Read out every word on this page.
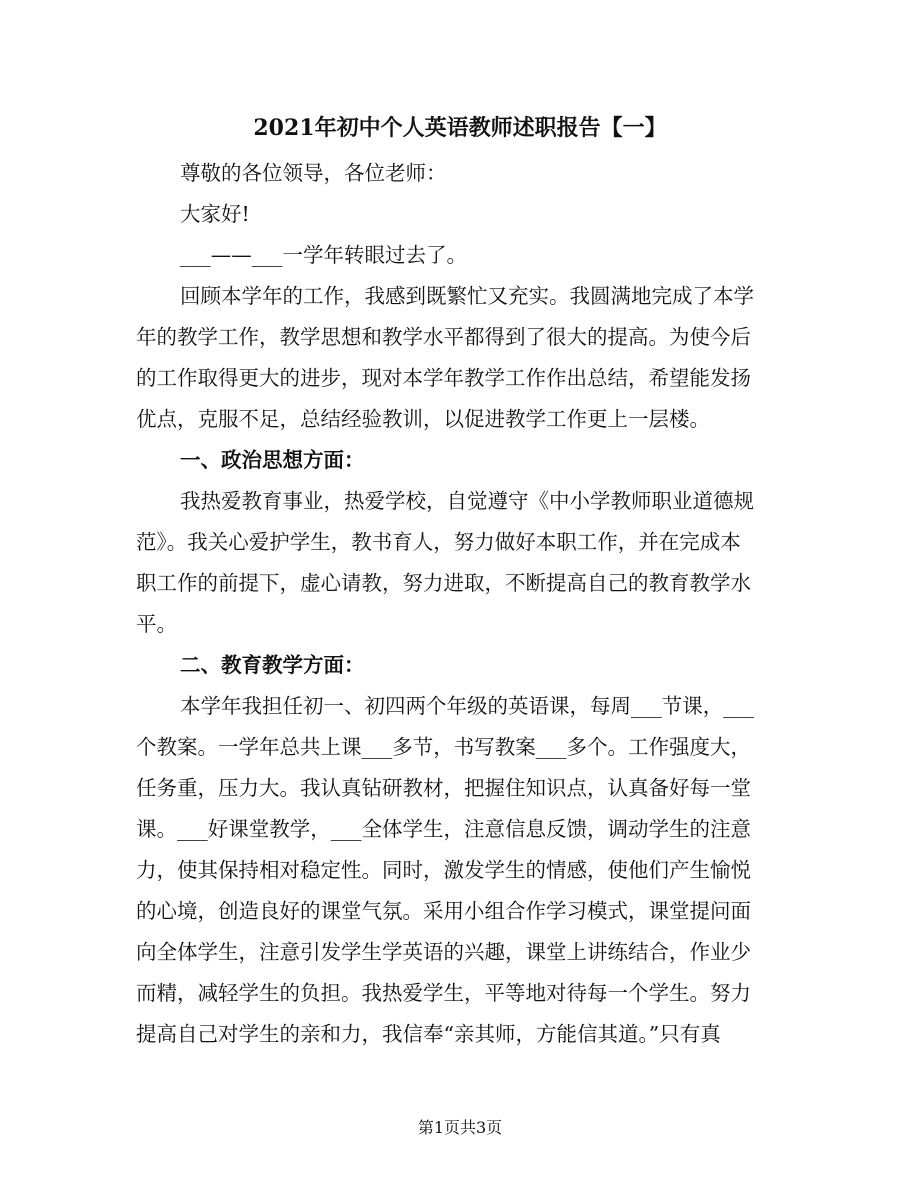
2021年初中个人英语教师述职报告【一】
尊敬的各位领导，各位老师：
大家好!
___——___一学年转眼过去了。
回顾本学年的工作，我感到既繁忙又充实。我圆满地完成了本学
年的教学工作，教学思想和教学水平都得到了很大的提高。为使今后
的工作取得更大的进步，现对本学年教学工作作出总结，希望能发扬
优点，克服不足，总结经验教训，以促进教学工作更上一层楼。
一、政治思想方面：
我热爱教育事业，热爱学校，自觉遵守《中小学教师职业道德规
范》。我关心爱护学生，教书育人，努力做好本职工作，并在完成本
职工作的前提下，虚心请教，努力进取，不断提高自己的教育教学水
平。
二、教育教学方面：
本学年我担任初一、初四两个年级的英语课，每周___节课，___
个教案。一学年总共上课___多节，书写教案___多个。工作强度大，
任务重，压力大。我认真钻研教材，把握住知识点，认真备好每一堂
课。___好课堂教学，___全体学生，注意信息反馈，调动学生的注意
力，使其保持相对稳定性。同时，激发学生的情感，使他们产生愉悦
的心境，创造良好的课堂气氛。采用小组合作学习模式，课堂提问面
向全体学生，注意引发学生学英语的兴趣，课堂上讲练结合，作业少
而精，减轻学生的负担。我热爱学生，平等地对待每一个学生。努力
提高自己对学生的亲和力，我信奉“亲其师，方能信其道。”只有真
第1页共3页
